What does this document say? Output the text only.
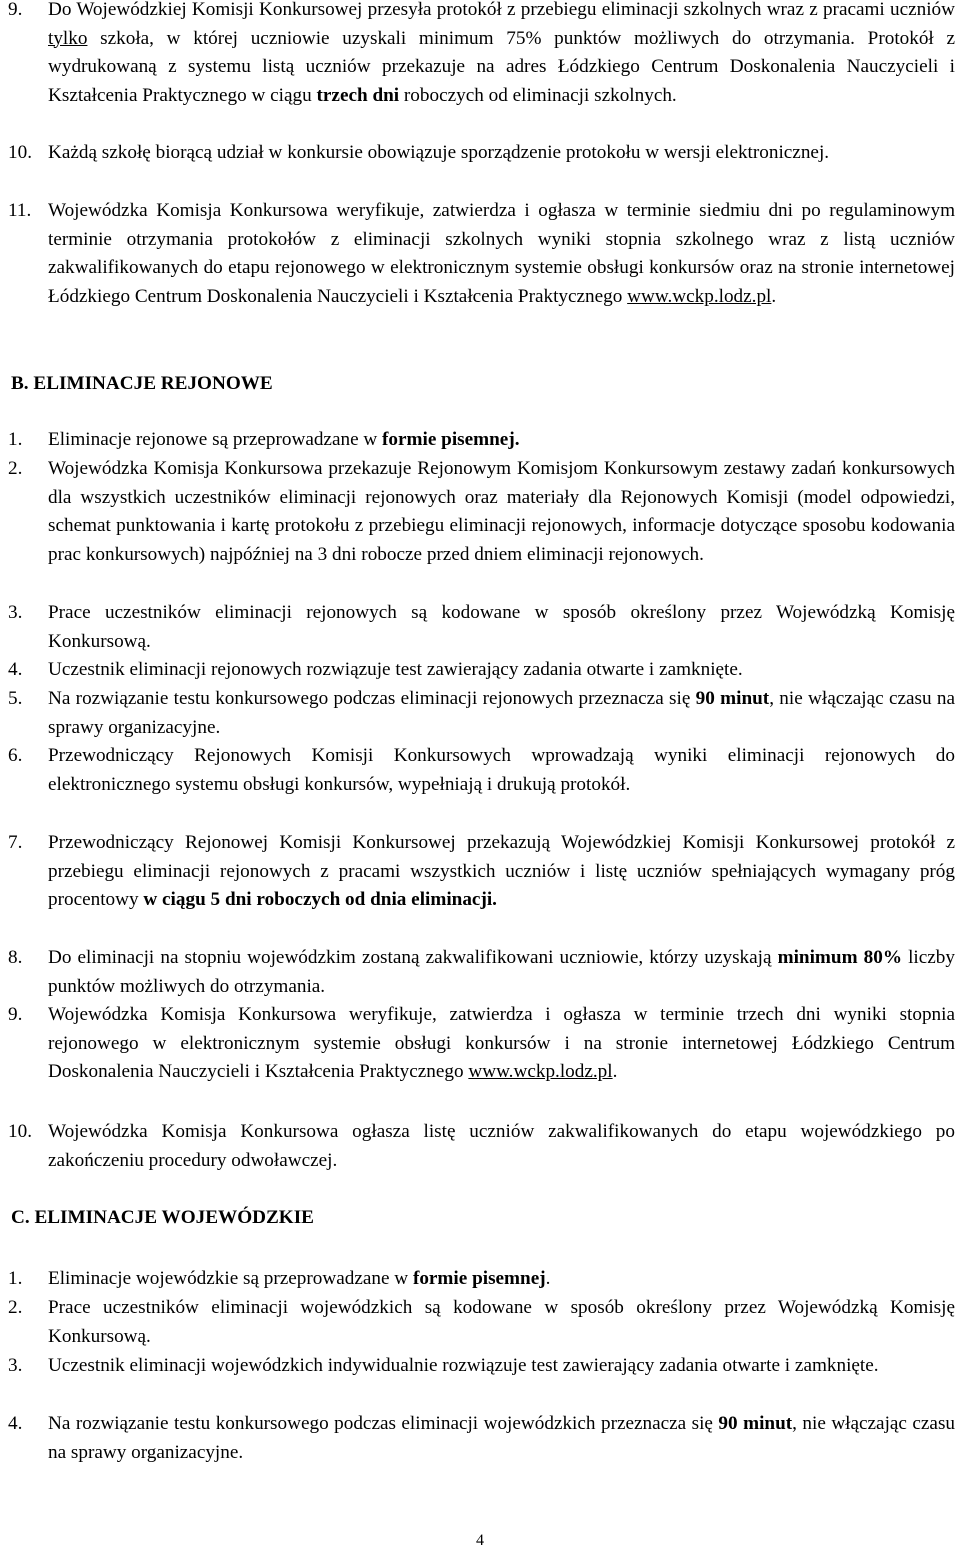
9. Do Wojewódzkiej Komisji Konkursowej przesyła protokół z przebiegu eliminacji szkolnych wraz z pracami uczniów tylko szkoła, w której uczniowie uzyskali minimum 75% punktów możliwych do otrzymania. Protokół z wydrukowaną z systemu listą uczniów przekazuje na adres Łódzkiego Centrum Doskonalenia Nauczycieli i Kształcenia Praktycznego w ciągu trzech dni roboczych od eliminacji szkolnych.
10. Każdą szkołę biorącą udział w konkursie obowiązuje sporządzenie protokołu w wersji elektronicznej.
11. Wojewódzka Komisja Konkursowa weryfikuje, zatwierdza i ogłasza w terminie siedmiu dni po regulaminowym terminie otrzymania protokołów z eliminacji szkolnych wyniki stopnia szkolnego wraz z listą uczniów zakwalifikowanych do etapu rejonowego w elektronicznym systemie obsługi konkursów oraz na stronie internetowej Łódzkiego Centrum Doskonalenia Nauczycieli i Kształcenia Praktycznego www.wckp.lodz.pl.
B. ELIMINACJE REJONOWE
1. Eliminacje rejonowe są przeprowadzane w formie pisemnej.
2. Wojewódzka Komisja Konkursowa przekazuje Rejonowym Komisjom Konkursowym zestawy zadań konkursowych dla wszystkich uczestników eliminacji rejonowych oraz materiały dla Rejonowych Komisji (model odpowiedzi, schemat punktowania i kartę protokołu z przebiegu eliminacji rejonowych, informacje dotyczące sposobu kodowania prac konkursowych) najpóźniej na 3 dni robocze przed dniem eliminacji rejonowych.
3. Prace uczestników eliminacji rejonowych są kodowane w sposób określony przez Wojewódzką Komisję Konkursową.
4. Uczestnik eliminacji rejonowych rozwiązuje test zawierający zadania otwarte i zamknięte.
5. Na rozwiązanie testu konkursowego podczas eliminacji rejonowych przeznacza się 90 minut, nie włączając czasu na sprawy organizacyjne.
6. Przewodniczący Rejonowych Komisji Konkursowych wprowadzają wyniki eliminacji rejonowych do elektronicznego systemu obsługi konkursów, wypełniają i drukują protokół.
7. Przewodniczący Rejonowej Komisji Konkursowej przekazują Wojewódzkiej Komisji Konkursowej protokół z przebiegu eliminacji rejonowych z pracami wszystkich uczniów i listę uczniów spełniających wymagany próg procentowy w ciągu 5 dni roboczych od dnia eliminacji.
8. Do eliminacji na stopniu wojewódzkim zostaną zakwalifikowani uczniowie, którzy uzyskają minimum 80% liczby punktów możliwych do otrzymania.
9. Wojewódzka Komisja Konkursowa weryfikuje, zatwierdza i ogłasza w terminie trzech dni wyniki stopnia rejonowego w elektronicznym systemie obsługi konkursów i na stronie internetowej Łódzkiego Centrum Doskonalenia Nauczycieli i Kształcenia Praktycznego www.wckp.lodz.pl.
10. Wojewódzka Komisja Konkursowa ogłasza listę uczniów zakwalifikowanych do etapu wojewódzkiego po zakończeniu procedury odwoławczej.
C. ELIMINACJE WOJEWÓDZKIE
1. Eliminacje wojewódzkie są przeprowadzane w formie pisemnej.
2. Prace uczestników eliminacji wojewódzkich są kodowane w sposób określony przez Wojewódzką Komisję Konkursową.
3. Uczestnik eliminacji wojewódzkich indywidualnie rozwiązuje test zawierający zadania otwarte i zamknięte.
4. Na rozwiązanie testu konkursowego podczas eliminacji wojewódzkich przeznacza się 90 minut, nie włączając czasu na sprawy organizacyjne.
4
